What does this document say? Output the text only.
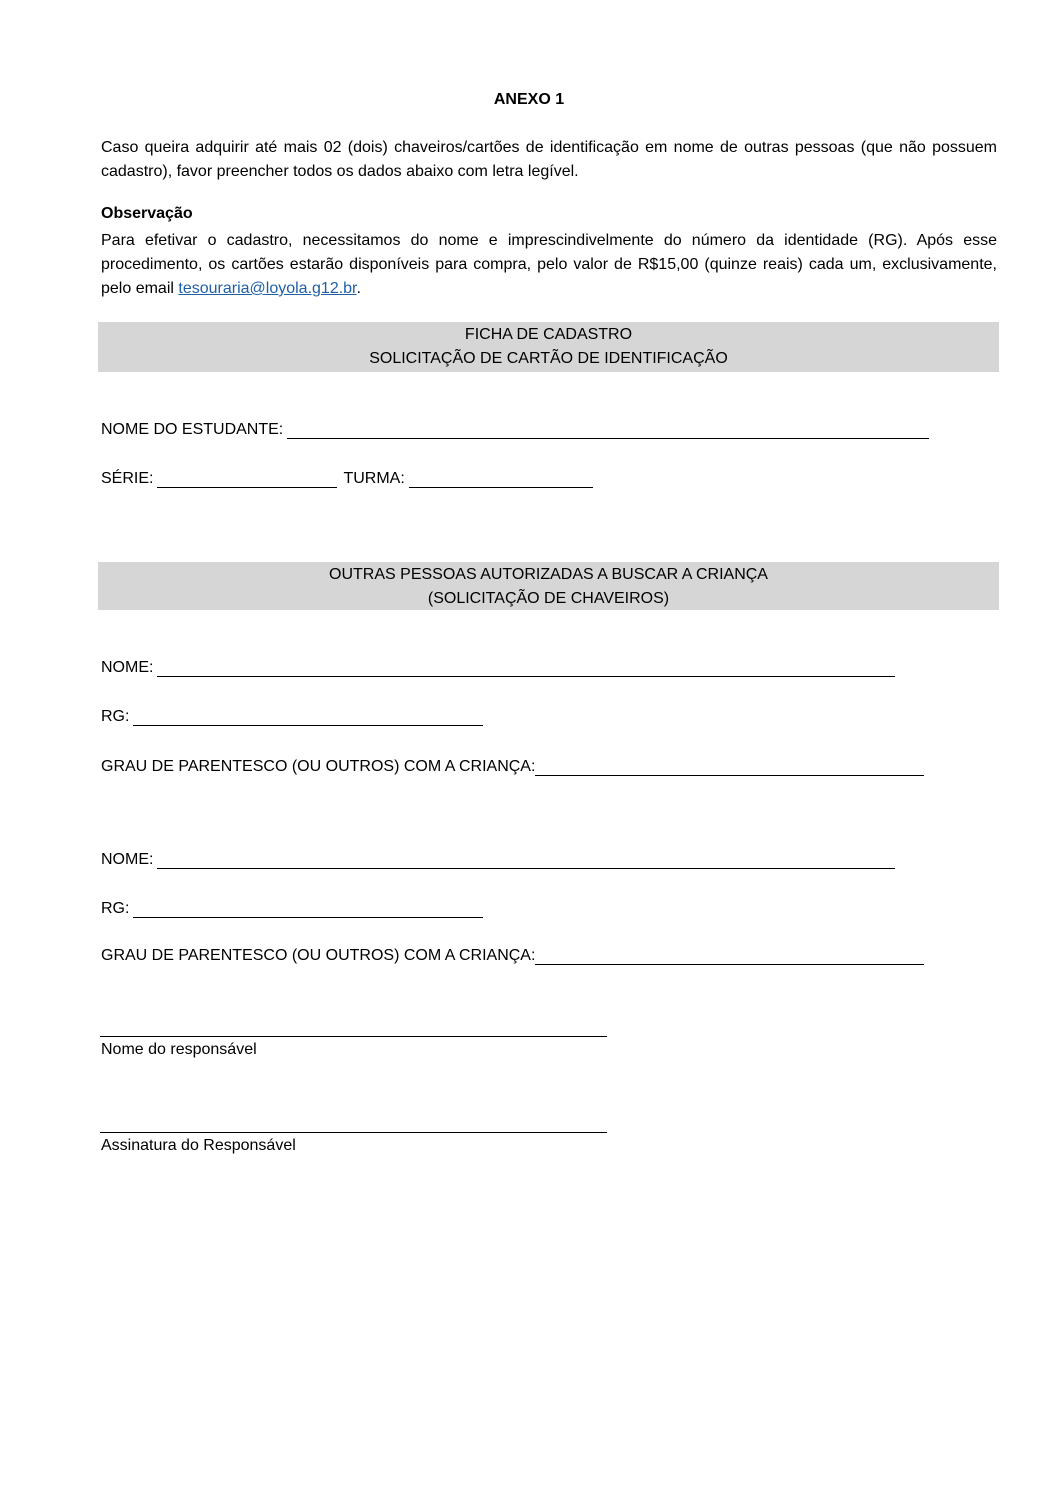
ANEXO 1
Caso queira adquirir até mais 02 (dois) chaveiros/cartões de identificação em nome de outras pessoas (que não possuem cadastro), favor preencher todos os dados abaixo com letra legível.
Observação
Para efetivar o cadastro, necessitamos do nome e imprescindivelmente do número da identidade (RG). Após esse procedimento, os cartões estarão disponíveis para compra, pelo valor de R$15,00 (quinze reais) cada um, exclusivamente, pelo email tesouraria@loyola.g12.br.
FICHA DE CADASTRO
SOLICITAÇÃO DE CARTÃO DE IDENTIFICAÇÃO
NOME DO ESTUDANTE:
SÉRIE:	TURMA:
OUTRAS PESSOAS AUTORIZADAS A BUSCAR A CRIANÇA
(SOLICITAÇÃO DE CHAVEIROS)
NOME:
RG:
GRAU DE PARENTESCO (OU OUTROS) COM A CRIANÇA:
NOME:
RG:
GRAU DE PARENTESCO (OU OUTROS) COM A CRIANÇA:
Nome do responsável
Assinatura do Responsável
